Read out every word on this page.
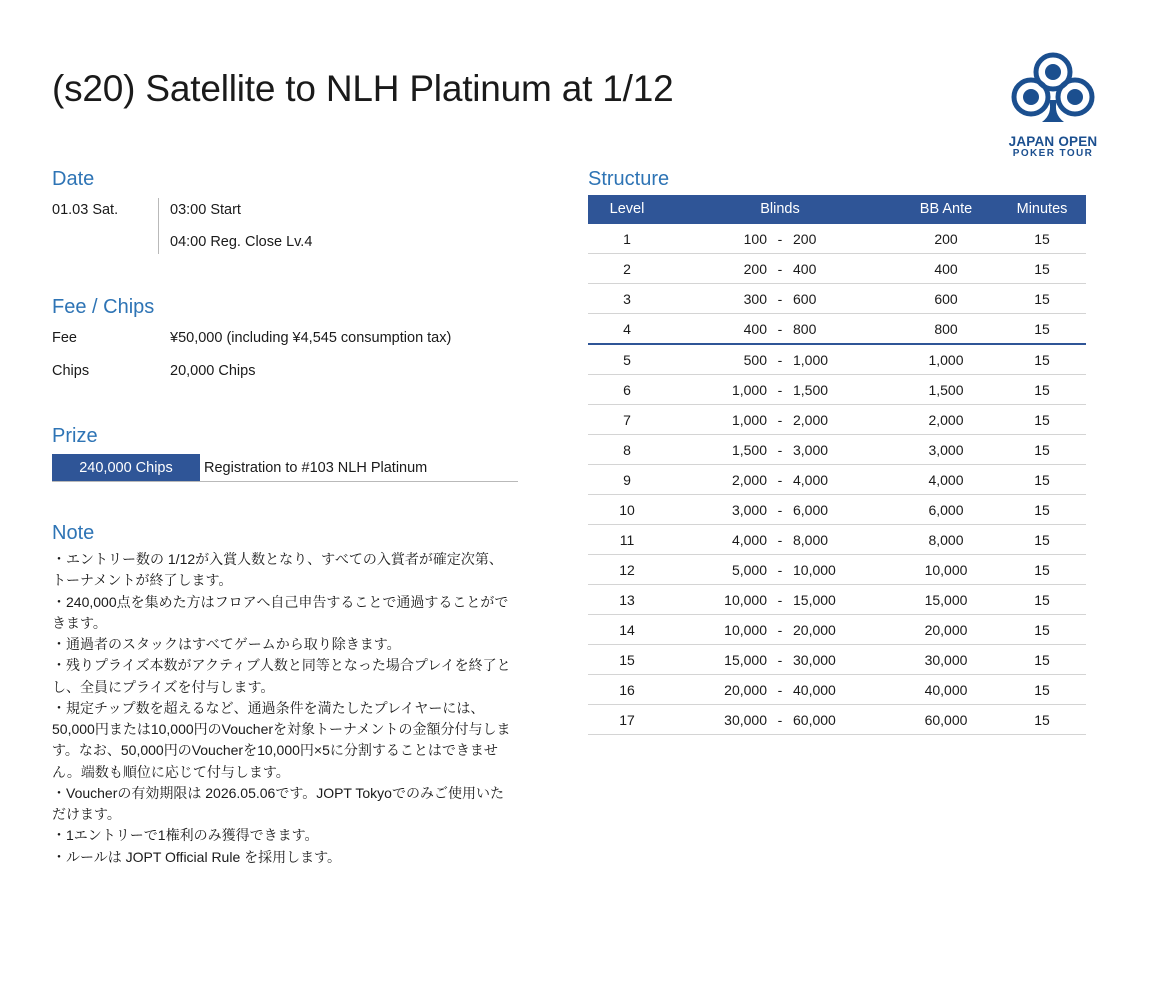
(s20) Satellite to NLH Platinum at 1/12
JAPAN OPEN
POKER TOUR
Date
01.03 Sat.	03:00 Start
04:00 Reg. Close Lv.4
Fee / Chips
Fee	¥50,000 (including ¥4,545 consumption tax)
Chips	20,000 Chips
Prize
240,000 Chips	Registration to #103 NLH Platinum
Note

・エントリー数の 1/12が入賞人数となり、すべての入賞者が確定次第、トーナメントが終了します。

・240,000点を集めた方はフロアへ自己申告することで通過することができます。

・通過者のスタックはすべてゲームから取り除きます。

・残りプライズ本数がアクティブ人数と同等となった場合プレイを終了とし、全員にプライズを付与します。

・規定チップ数を超えるなど、通過条件を満たしたプレイヤーには、50,000円または10,000円のVoucherを対象トーナメントの金額分付与します。なお、50,000円のVoucherを10,000円×5に分割することはできません。端数も順位に応じて付与します。

・Voucherの有効期限は 2026.05.06です。JOPT Tokyoでのみご使用いただけます。

・1エントリーで1権利のみ獲得できます。

・ルールは JOPT Official Rule を採用します。

Structure
Level	Blinds	BB Ante	Minutes
1	100 - 200	200	15
2	200 - 400	400	15
3	300 - 600	600	15
4	400 - 800	800	15
5	500 - 1,000	1,000	15
6	1,000 - 1,500	1,500	15
7	1,000 - 2,000	2,000	15
8	1,500 - 3,000	3,000	15
9	2,000 - 4,000	4,000	15
10	3,000 - 6,000	6,000	15
11	4,000 - 8,000	8,000	15
12	5,000 - 10,000	10,000	15
13	10,000 - 15,000	15,000	15
14	10,000 - 20,000	20,000	15
15	15,000 - 30,000	30,000	15
16	20,000 - 40,000	40,000	15
17	30,000 - 60,000	60,000	15
